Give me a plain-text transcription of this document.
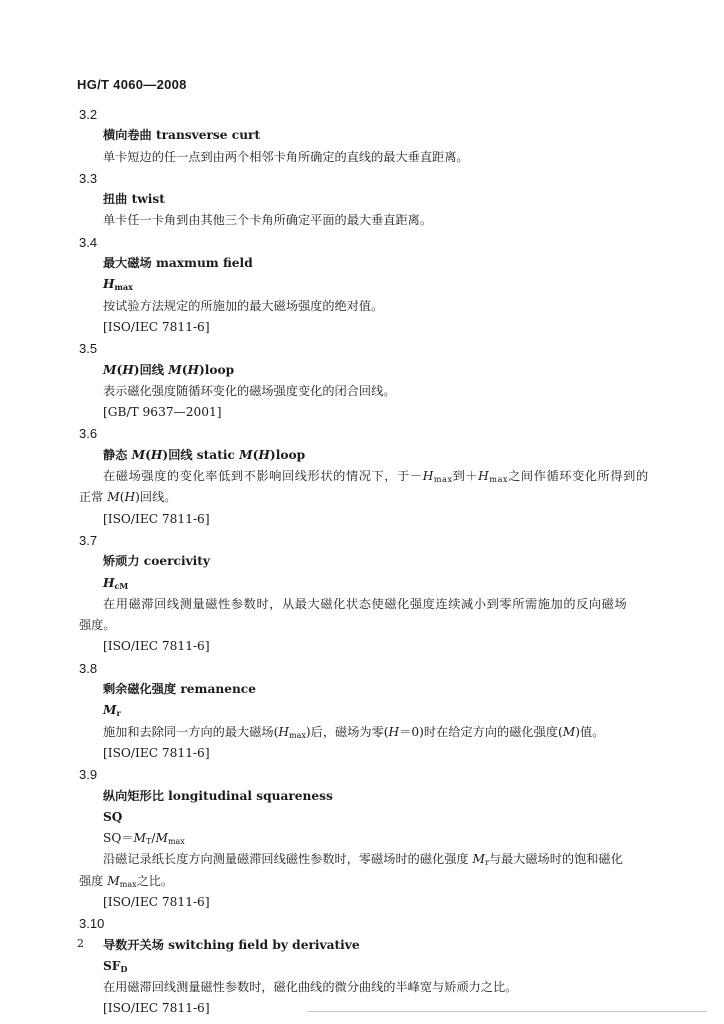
HG/T 4060—2008
3.2
横向卷曲 transverse curt
单卡短边的任一点到由两个相邻卡角所确定的直线的最大垂直距离。
3.3
扭曲 twist
单卡任一卡角到由其他三个卡角所确定平面的最大垂直距离。
3.4
最大磁场 maxmum field
$H_{max}$
按试验方法规定的所施加的最大磁场强度的绝对值。
[ISO/IEC 7811-6]
3.5
M(H)回线 M(H)loop
表示磁化强度随循环变化的磁场强度变化的闭合回线。
[GB/T 9637—2001]
3.6
静态 M(H)回线 static M(H)loop
在磁场强度的变化率低到不影响回线形状的情况下，于$-H_{max}$到$+H_{max}$之间作循环变化所得到的
正常 M(H)回线。
[ISO/IEC 7811-6]
3.7
矫顽力 coercivity
$H_{cM}$
在用磁滞回线测量磁性参数时，从最大磁化状态使磁化强度连续减小到零所需施加的反向磁场
强度。
[ISO/IEC 7811-6]
3.8
剩余磁化强度 remanence
$M_r$
施加和去除同一方向的最大磁场$(H_{max})$后，磁场为零(H＝0)时在给定方向的磁化强度(M)值。
[ISO/IEC 7811-6]
3.9
纵向矩形比 longitudinal squareness
SQ
$SQ=M_T/M_{max}$
沿磁记录纸长度方向测量磁滞回线磁性参数时，零磁场时的磁化强度 $M_r$与最大磁场时的饱和磁化
强度 $M_{max}$之比。
[ISO/IEC 7811-6]
3.10
导数开关场 switching field by derivative
$SF_D$
在用磁滞回线测量磁性参数时，磁化曲线的微分曲线的半峰宽与矫顽力之比。
[ISO/IEC 7811-6]
2
